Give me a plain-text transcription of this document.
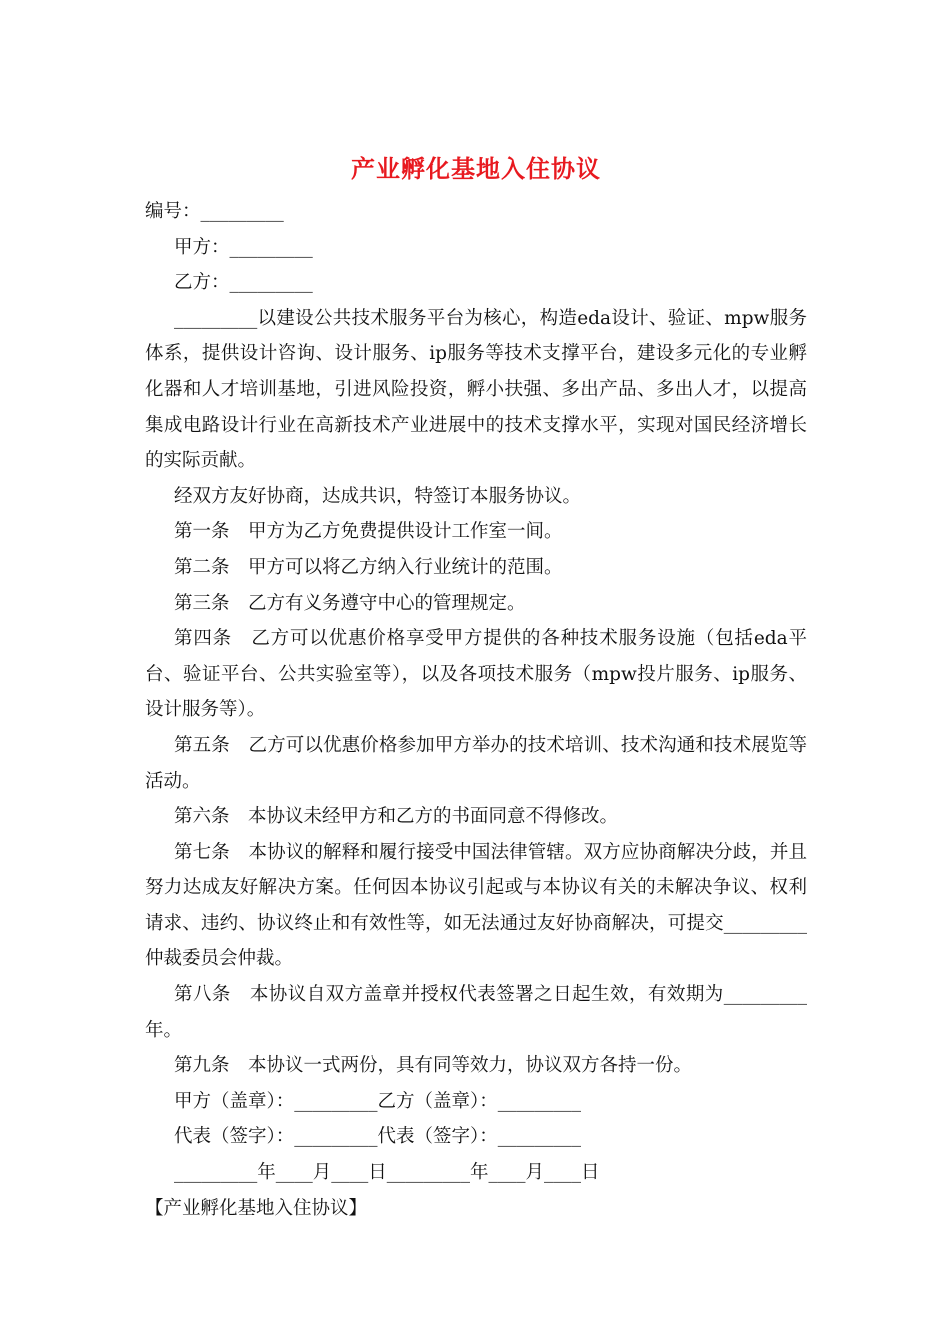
产业孵化基地入住协议

编号：_________

甲方：_________

乙方：_________

_________以建设公共技术服务平台为核心，构造eda设计、验证、mpw服务体系，提供设计咨询、设计服务、ip服务等技术支撑平台，建设多元化的专业孵化器和人才培训基地，引进风险投资，孵小扶强、多出产品、多出人才，以提高集成电路设计行业在高新技术产业进展中的技术支撑水平，实现对国民经济增长的实际贡献。

经双方友好协商，达成共识，特签订本服务协议。

第一条　甲方为乙方免费提供设计工作室一间。

第二条　甲方可以将乙方纳入行业统计的范围。

第三条　乙方有义务遵守中心的管理规定。

第四条　乙方可以优惠价格享受甲方提供的各种技术服务设施（包括eda平台、验证平台、公共实验室等），以及各项技术服务（mpw投片服务、ip服务、设计服务等）。

第五条　乙方可以优惠价格参加甲方举办的技术培训、技术沟通和技术展览等活动。

第六条　本协议未经甲方和乙方的书面同意不得修改。

第七条　本协议的解释和履行接受中国法律管辖。双方应协商解决分歧，并且努力达成友好解决方案。任何因本协议引起或与本协议有关的未解决争议、权利请求、违约、协议终止和有效性等，如无法通过友好协商解决，可提交_________仲裁委员会仲裁。

第八条　本协议自双方盖章并授权代表签署之日起生效，有效期为_________年。

第九条　本协议一式两份，具有同等效力，协议双方各持一份。

甲方（盖章）：_________乙方（盖章）：_________

代表（签字）：_________代表（签字）：_________

_________年____月____日_________年____月____日

【产业孵化基地入住协议】
